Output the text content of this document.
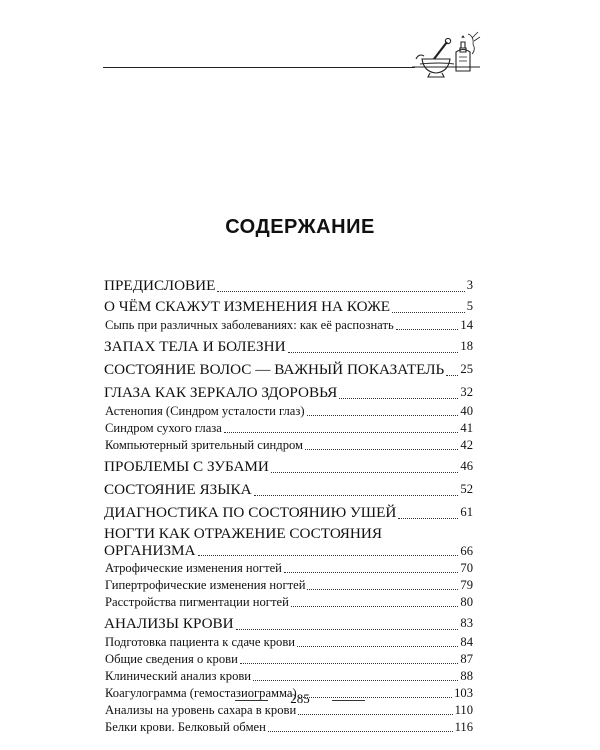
СОДЕРЖАНИЕ
ПРЕДИСЛОВИЕ	3
О ЧЁМ СКАЖУТ ИЗМЕНЕНИЯ НА КОЖЕ	5
Сыпь при различных заболеваниях: как её распознать	14
ЗАПАХ ТЕЛА И БОЛЕЗНИ	18
СОСТОЯНИЕ ВОЛОС — ВАЖНЫЙ ПОКАЗАТЕЛЬ 25
ГЛАЗА КАК ЗЕРКАЛО ЗДОРОВЬЯ	32
Астенопия (Синдром усталости глаз)	40
Синдром сухого глаза	41
Компьютерный зрительный синдром	42
ПРОБЛЕМЫ С ЗУБАМИ	46
СОСТОЯНИЕ ЯЗЫКА	52
ДИАГНОСТИКА ПО СОСТОЯНИЮ УШЕЙ	61
НОГТИ КАК ОТРАЖЕНИЕ СОСТОЯНИЯ
ОРГАНИЗМА	66
Атрофические изменения ногтей	70
Гипертрофические изменения ногтей	79
Расстройства пигментации ногтей	80
АНАЛИЗЫ КРОВИ	83
Подготовка пациента к сдаче крови	84
Общие сведения о крови	87
Клинический анализ крови	88
Коагулограмма (гемостазиограмма)	103
Анализы на уровень сахара в крови	110
Белки крови. Белковый обмен	116
285
